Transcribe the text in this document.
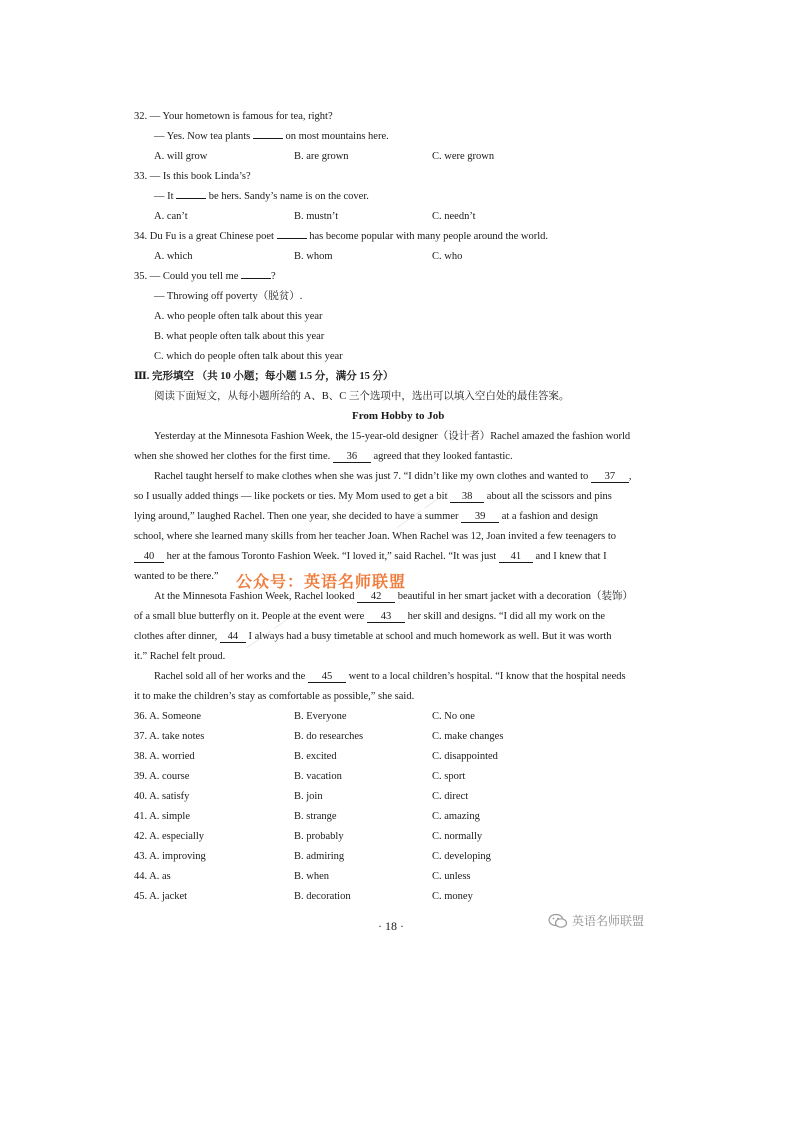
32. — Your hometown is famous for tea, right?
— Yes. Now tea plants	on most mountains here.
A. will grow	B. are grown	C. were grown
33. — Is this book Linda’s?
— It	be hers. Sandy’s name is on the cover.
A. can’t	B. mustn’t	C. needn’t
34. Du Fu is a great Chinese poet	has become popular with many people around the world.
A. which	B. whom	C. who
35. — Could you tell me	?
— Throwing off poverty（脱贫）.
A. who people often talk about this year
B. what people often talk about this year
C. which do people often talk about this year
Ⅲ. 完形填空 （共 10 小题；每小题 1.5 分，满分 15 分）
阅读下面短文，从每小题所给的 A、B、C 三个选项中，选出可以填入空白处的最佳答案。
From Hobby to Job
Yesterday at the Minnesota Fashion Week, the 15-year-old designer（设计者）Rachel amazed the fashion world
when she showed her clothes for the first time. 36 agreed that they looked fantastic.
Rachel taught herself to make clothes when she was just 7. “I didn’t like my own clothes and wanted to 37 ,
so I usually added things — like pockets or ties. My Mom used to get a bit 38 about all the scissors and pins
lying around,” laughed Rachel. Then one year, she decided to have a summer 39 at a fashion and design
school, where she learned many skills from her teacher Joan. When Rachel was 12, Joan invited a few teenagers to
40 her at the famous Toronto Fashion Week. “I loved it,” said Rachel. “It was just 41 and I knew that I
wanted to be there.”
At the Minnesota Fashion Week, Rachel looked 42 beautiful in her smart jacket with a decoration（装饰）
of a small blue butterfly on it. People at the event were 43 her skill and designs. “I did all my work on the
clothes after dinner, 44 I always had a busy timetable at school and much homework as well. But it was worth
it.” Rachel felt proud.
Rachel sold all of her works and the 45 went to a local children’s hospital. “I know that the hospital needs
it to make the children’s stay as comfortable as possible,” she said.
36. A. Someone	B. Everyone	C. No one
37. A. take notes	B. do researches	C. make changes
38. A. worried	B. excited	C. disappointed
39. A. course	B. vacation	C. sport
40. A. satisfy	B. join	C. direct
41. A. simple	B. strange	C. amazing
42. A. especially	B. probably	C. normally
43. A. improving	B. admiring	C. developing
44. A. as	B. when	C. unless
45. A. jacket	B. decoration	C. money
公众号：英语名师联盟
⸻ ⸻
⸻ ⸻
英语名师联盟
· 18 ·
